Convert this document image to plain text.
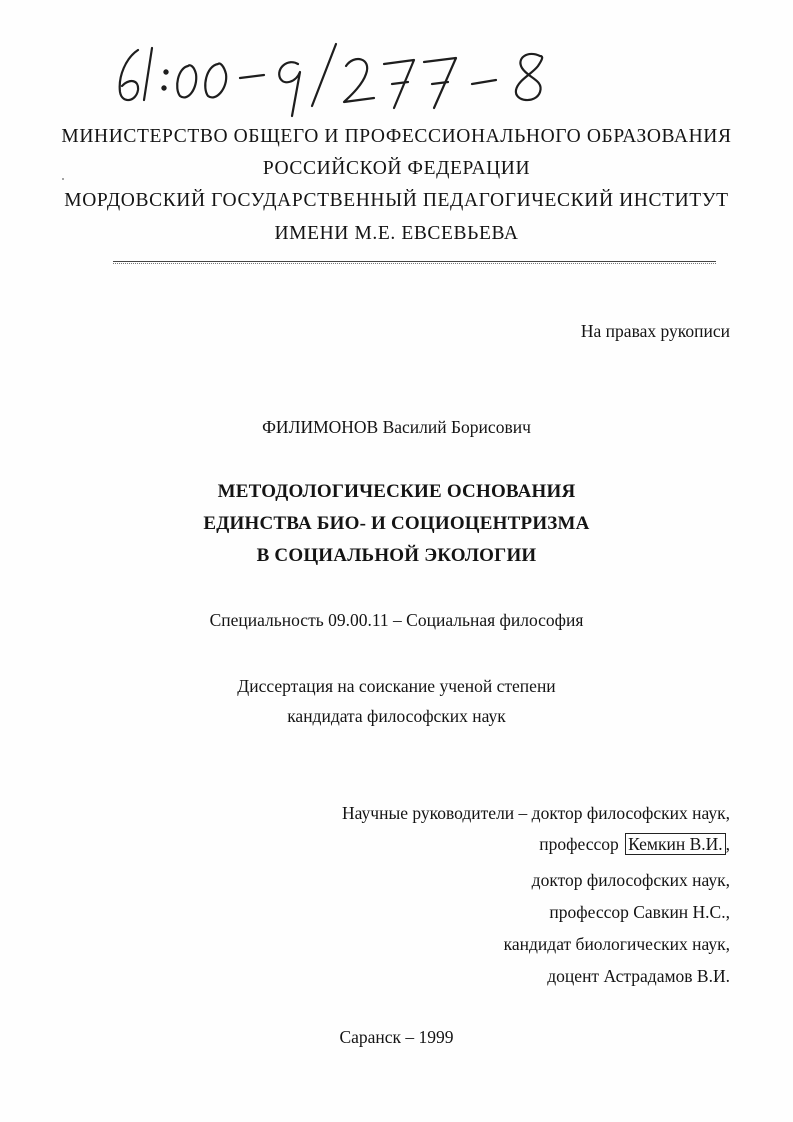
МИНИСТЕРСТВО ОБЩЕГО И ПРОФЕССИОНАЛЬНОГО ОБРАЗОВАНИЯ
РОССИЙСКОЙ ФЕДЕРАЦИИ
МОРДОВСКИЙ ГОСУДАРСТВЕННЫЙ ПЕДАГОГИЧЕСКИЙ ИНСТИТУТ
ИМЕНИ М.Е. ЕВСЕВЬЕВА
На правах рукописи
ФИЛИМОНОВ Василий Борисович
МЕТОДОЛОГИЧЕСКИЕ ОСНОВАНИЯ
ЕДИНСТВА БИО- И СОЦИОЦЕНТРИЗМА
В СОЦИАЛЬНОЙ ЭКОЛОГИИ
Специальность 09.00.11 – Социальная философия
Диссертация на соискание ученой степени
кандидата философских наук
Научные руководители – доктор философских наук,
профессор Кемкин В.И. ,
доктор философских наук,
профессор Савкин Н.С.,
кандидат биологических наук,
доцент Астрадамов В.И.
Саранск – 1999
